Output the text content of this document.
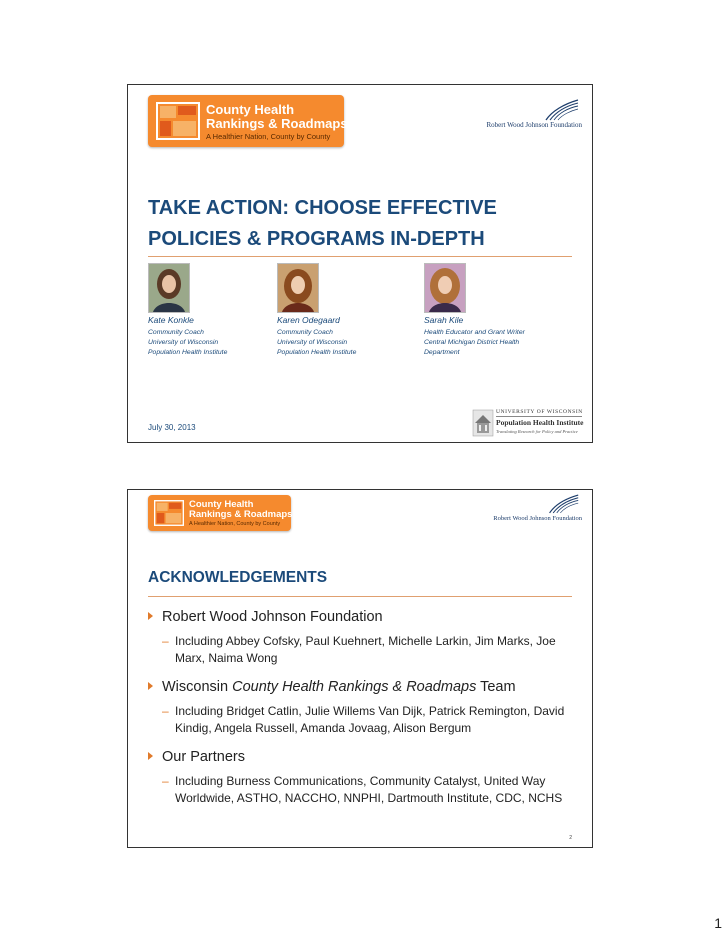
County Health
Rankings & Roadmaps
A Healthier Nation, County by County
Robert Wood Johnson Foundation
TAKE ACTION: CHOOSE EFFECTIVE POLICIES & PROGRAMS IN-DEPTH
Kate Konkle
Community Coach
University of Wisconsin
Population Health Institute
Karen Odegaard
Community Coach
University of Wisconsin
Population Health Institute
Sarah Kile
Health Educator and Grant Writer
Central Michigan District Health
Department
July 30, 2013
UNIVERSITY OF WISCONSIN
Population Health Institute
Translating Research for Policy and Practice
County Health
Rankings & Roadmaps
A Healthier Nation, County by County
Robert Wood Johnson Foundation
ACKNOWLEDGEMENTS
Robert Wood Johnson Foundation
– Including Abbey Cofsky, Paul Kuehnert, Michelle Larkin, Jim Marks, Joe Marx, Naima Wong
Wisconsin County Health Rankings & Roadmaps Team
– Including Bridget Catlin, Julie Willems Van Dijk, Patrick Remington, David Kindig, Angela Russell, Amanda Jovaag, Alison Bergum
Our Partners
– Including Burness Communications, Community Catalyst, United Way Worldwide, ASTHO, NACCHO, NNPHI, Dartmouth Institute, CDC, NCHS
2
1
